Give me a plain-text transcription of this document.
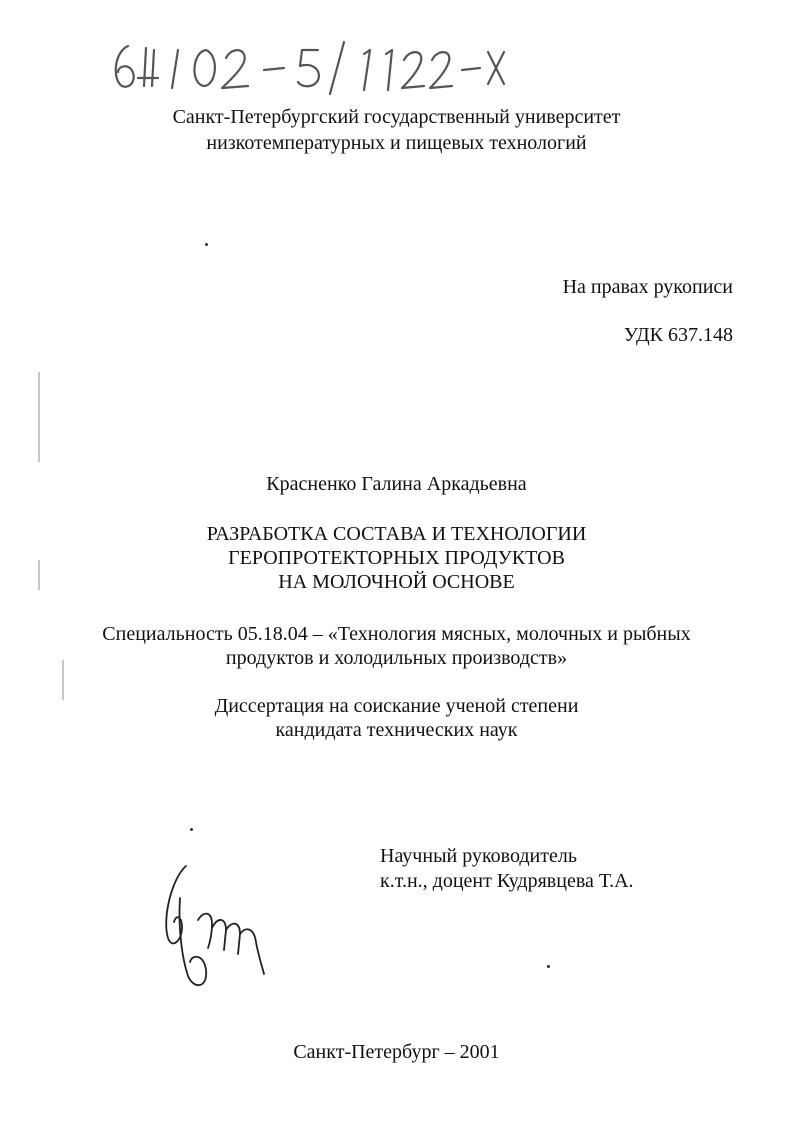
Санкт-Петербургский государственный университет
низкотемпературных и пищевых технологий
На правах рукописи
УДК 637.148
Красненко Галина Аркадьевна
РАЗРАБОТКА СОСТАВА И ТЕХНОЛОГИИ
ГЕРОПРОТЕКТОРНЫХ ПРОДУКТОВ
НА МОЛОЧНОЙ ОСНОВЕ
Специальность 05.18.04 – «Технология мясных, молочных и рыбных
продуктов и холодильных производств»
Диссертация на соискание ученой степени
кандидата технических наук
Научный руководитель
к.т.н., доцент Кудрявцева Т.А.
Санкт-Петербург – 2001
